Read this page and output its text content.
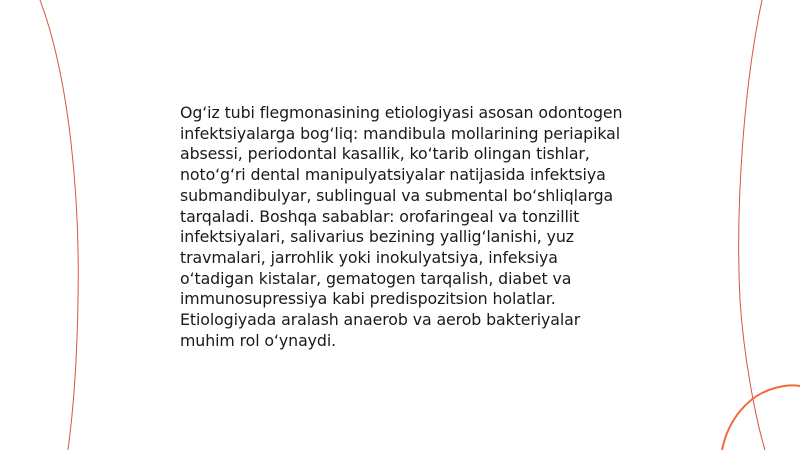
Og‘iz tubi flegmonasining etiologiyasi asosan odontogen infektsiyalarga bog‘liq: mandibula mollarining periapikal absessi, periodontal kasallik, ko‘tarib olingan tishlar, noto‘g‘ri dental manipulyatsiyalar natijasida infektsiya submandibulyar, sublingual va submental bo‘shliqlarga tarqaladi. Boshqa sabablar: orofaringeal va tonzillit infektsiyalari, salivarius bezining yallig‘lanishi, yuz travmalari, jarrohlik yoki inokulyatsiya, infeksiya o‘tadigan kistalar, gematogen tarqalish, diabet va immunosupressiya kabi predispozitsion holatlar. Etiologiyada aralash anaerob va aerob bakteriyalar muhim rol o‘ynaydi.
